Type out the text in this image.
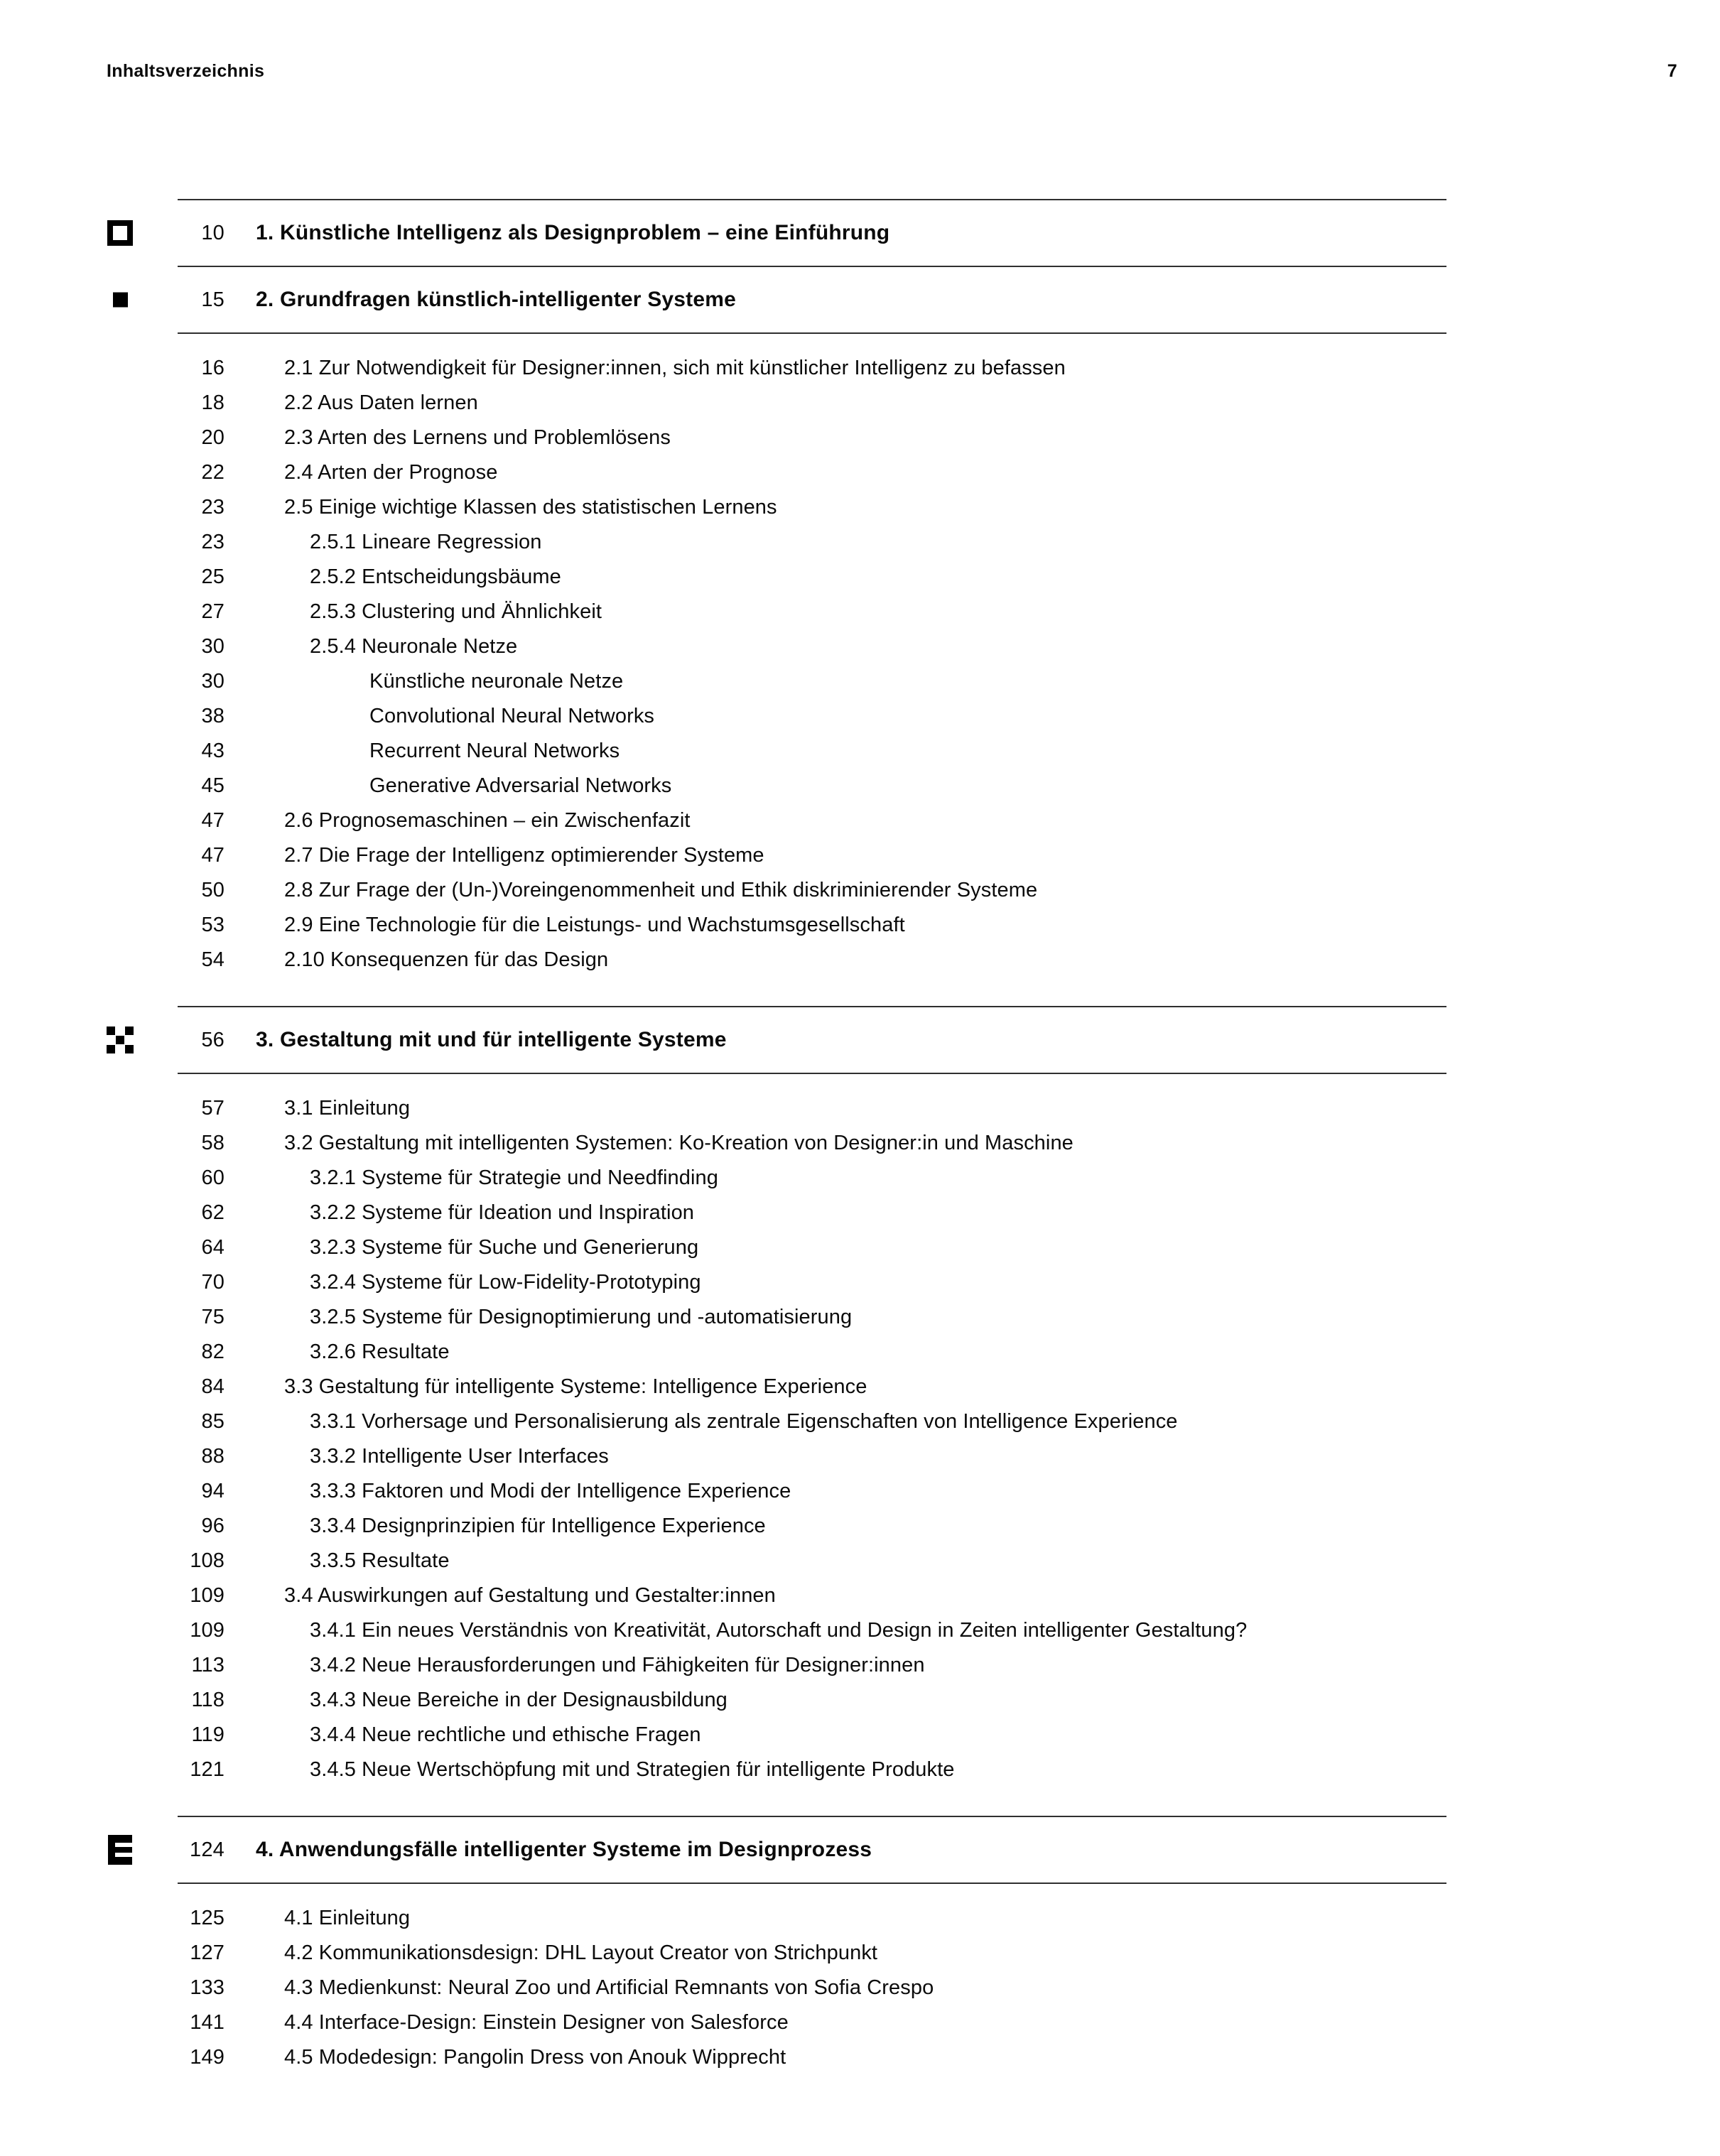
Inhaltsverzeichnis	7
10 1. Künstliche Intelligenz als Designproblem – eine Einführung
15 2. Grundfragen künstlich-intelligenter Systeme
16	2.1 Zur Notwendigkeit für Designer:innen, sich mit künstlicher Intelligenz zu befassen
18	2.2 Aus Daten lernen
20	2.3 Arten des Lernens und Problemlösens
22	2.4 Arten der Prognose
23	2.5 Einige wichtige Klassen des statistischen Lernens
23	2.5.1 Lineare Regression
25	2.5.2 Entscheidungsbäume
27	2.5.3 Clustering und Ähnlichkeit
30	2.5.4 Neuronale Netze
30	Künstliche neuronale Netze
38	Convolutional Neural Networks
43	Recurrent Neural Networks
45	Generative Adversarial Networks
47	2.6 Prognosemaschinen – ein Zwischenfazit
47	2.7 Die Frage der Intelligenz optimierender Systeme
50	2.8 Zur Frage der (Un-)Voreingenommenheit und Ethik diskriminierender Systeme
53	2.9 Eine Technologie für die Leistungs- und Wachstumsgesellschaft
54	2.10 Konsequenzen für das Design
56 3. Gestaltung mit und für intelligente Systeme
57	3.1 Einleitung
58	3.2 Gestaltung mit intelligenten Systemen: Ko-Kreation von Designer:in und Maschine
60	3.2.1 Systeme für Strategie und Needfinding
62	3.2.2 Systeme für Ideation und Inspiration
64	3.2.3 Systeme für Suche und Generierung
70	3.2.4 Systeme für Low-Fidelity-Prototyping
75	3.2.5 Systeme für Designoptimierung und -automatisierung
82	3.2.6 Resultate
84	3.3 Gestaltung für intelligente Systeme: Intelligence Experience
85	3.3.1 Vorhersage und Personalisierung als zentrale Eigenschaften von Intelligence Experience
88	3.3.2 Intelligente User Interfaces
94	3.3.3 Faktoren und Modi der Intelligence Experience
96	3.3.4 Designprinzipien für Intelligence Experience
108	3.3.5 Resultate
109	3.4 Auswirkungen auf Gestaltung und Gestalter:innen
109	3.4.1 Ein neues Verständnis von Kreativität, Autorschaft und Design in Zeiten intelligenter Gestaltung?
113	3.4.2 Neue Herausforderungen und Fähigkeiten für Designer:innen
118	3.4.3 Neue Bereiche in der Designausbildung
119	3.4.4 Neue rechtliche und ethische Fragen
121	3.4.5 Neue Wertschöpfung mit und Strategien für intelligente Produkte
124 4. Anwendungsfälle intelligenter Systeme im Designprozess
125	4.1 Einleitung
127	4.2 Kommunikationsdesign: DHL Layout Creator von Strichpunkt
133	4.3 Medienkunst: Neural Zoo und Artificial Remnants von Sofia Crespo
141	4.4 Interface-Design: Einstein Designer von Salesforce
149	4.5 Modedesign: Pangolin Dress von Anouk Wipprecht
